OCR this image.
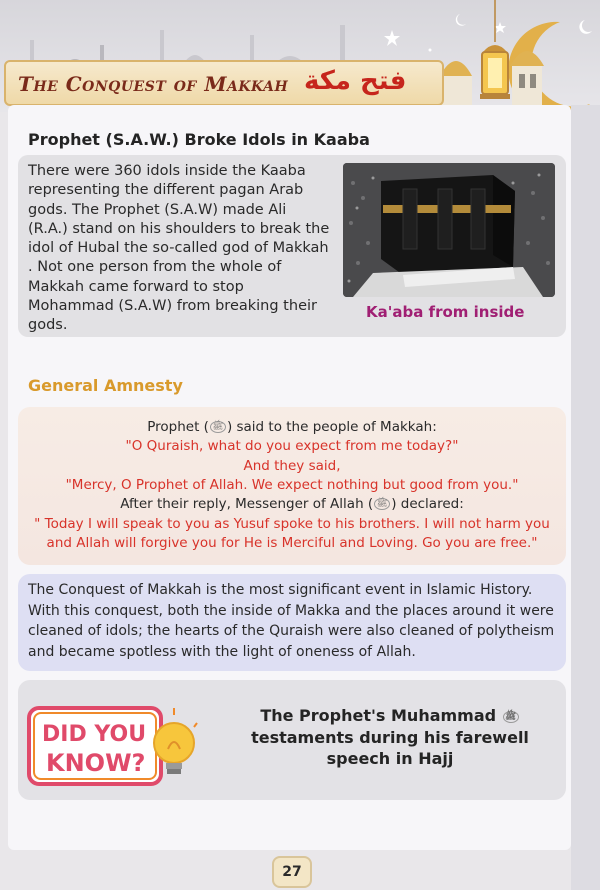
The Conquest of Makkah فتح مكة
Prophet (S.A.W.) Broke Idols in Kaaba
There were 360 idols inside the Kaaba representing the different pagan Arab gods. The Prophet (S.A.W) made Ali (R.A.) stand on his shoulders to break the idol of Hubal the so-called god of Makkah . Not one person from the whole of Makkah came forward to stop Mohammad (S.A.W) from breaking their gods.
Ka'aba from inside
General Amnesty
Prophet ( ﷺ ) said to the people of Makkah:
"O Quraish, what do you expect from me today?"
And they said,
"Mercy, O Prophet of Allah. We expect nothing but good from you."
After their reply, Messenger of Allah ( ﷺ ) declared:
" Today I will speak to you as Yusuf spoke to his brothers. I will not harm you
and Allah will forgive you for He is Merciful and Loving. Go you are free."
The Conquest of Makkah is the most significant event in Islamic History. With this conquest, both the inside of Makka and the places around it were cleaned of idols; the hearts of the Quraish were also cleaned of polytheism and became spotless with the light of oneness of Allah.
DID YOU
KNOW?
The Prophet's Muhammad ﷺ
testaments during his farewell speech in Hajj
27
